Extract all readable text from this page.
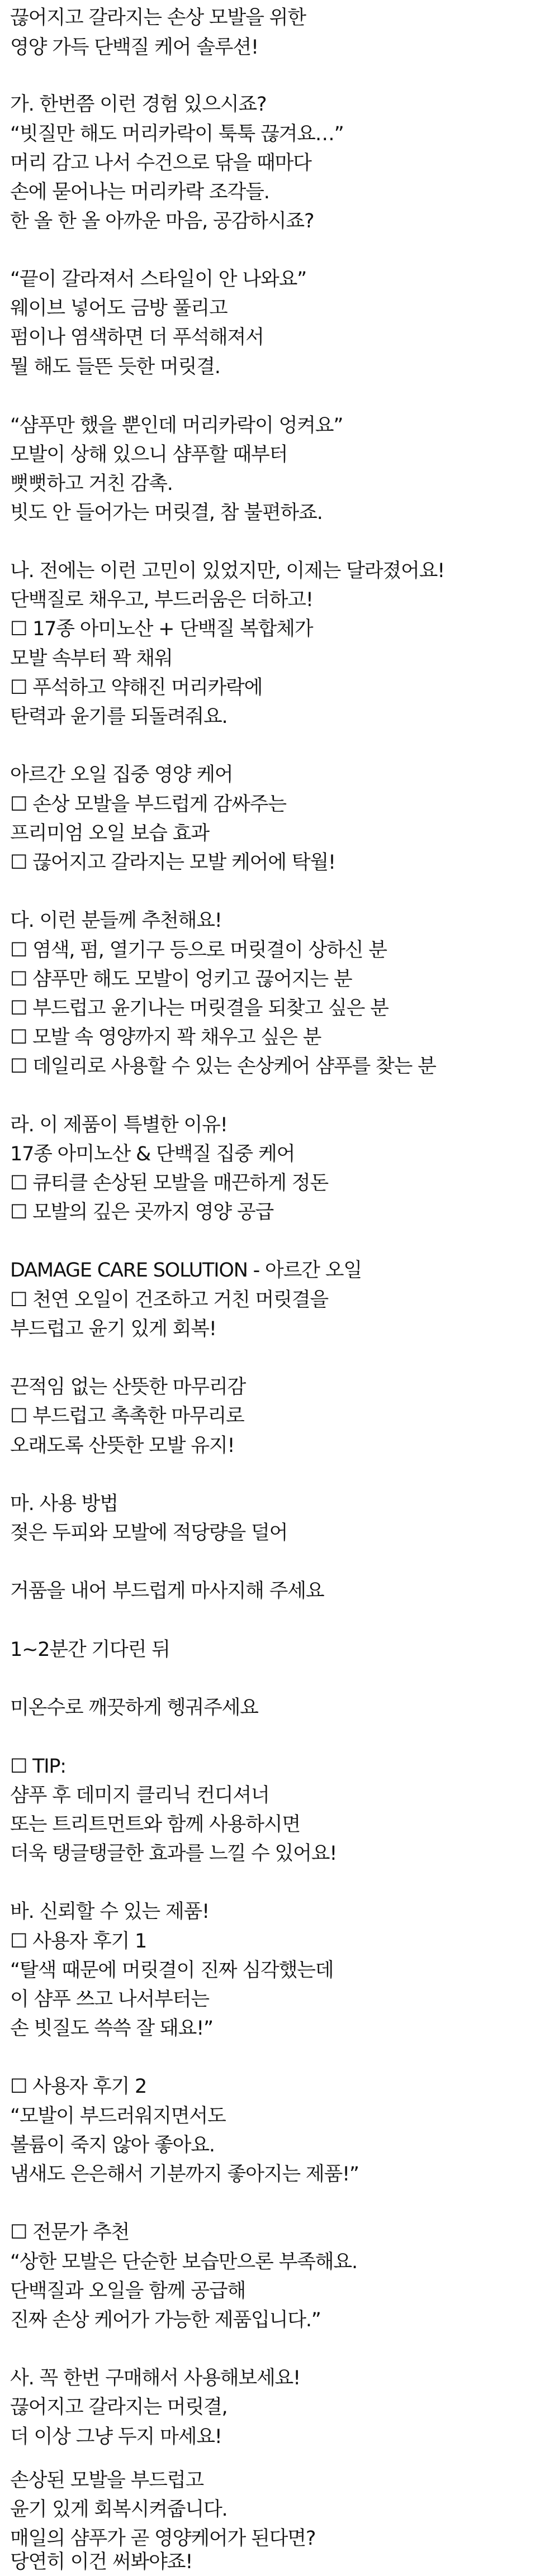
끊어지고 갈라지는 손상 모발을 위한
영양 가득 단백질 케어 솔루션!
가. 한번쯤 이런 경험 있으시죠?
“빗질만 해도 머리카락이 툭툭 끊겨요…”
머리 감고 나서 수건으로 닦을 때마다
손에 묻어나는 머리카락 조각들.
한 올 한 올 아까운 마음, 공감하시죠?
“끝이 갈라져서 스타일이 안 나와요”
웨이브 넣어도 금방 풀리고
펌이나 염색하면 더 푸석해져서
뭘 해도 들뜬 듯한 머릿결.
“샴푸만 했을 뿐인데 머리카락이 엉켜요”
모발이 상해 있으니 샴푸할 때부터
뻣뻣하고 거친 감촉.
빗도 안 들어가는 머릿결, 참 불편하죠.
나. 전에는 이런 고민이 있었지만, 이제는 달라졌어요!
단백질로 채우고, 부드러움은 더하고!
☐ 17종 아미노산 + 단백질 복합체가
모발 속부터 꽉 채워
☐ 푸석하고 약해진 머리카락에
탄력과 윤기를 되돌려줘요.
아르간 오일 집중 영양 케어
☐ 손상 모발을 부드럽게 감싸주는
프리미엄 오일 보습 효과
☐ 끊어지고 갈라지는 모발 케어에 탁월!
다. 이런 분들께 추천해요!
☐ 염색, 펌, 열기구 등으로 머릿결이 상하신 분
☐ 샴푸만 해도 모발이 엉키고 끊어지는 분
☐ 부드럽고 윤기나는 머릿결을 되찾고 싶은 분
☐ 모발 속 영양까지 꽉 채우고 싶은 분
☐ 데일리로 사용할 수 있는 손상케어 샴푸를 찾는 분
라. 이 제품이 특별한 이유!
17종 아미노산 & 단백질 집중 케어
☐ 큐티클 손상된 모발을 매끈하게 정돈
☐ 모발의 깊은 곳까지 영양 공급
DAMAGE CARE SOLUTION - 아르간 오일
☐ 천연 오일이 건조하고 거친 머릿결을
부드럽고 윤기 있게 회복!
끈적임 없는 산뜻한 마무리감
☐ 부드럽고 촉촉한 마무리로
오래도록 산뜻한 모발 유지!
마. 사용 방법
젖은 두피와 모발에 적당량을 덜어
거품을 내어 부드럽게 마사지해 주세요
1~2분간 기다린 뒤
미온수로 깨끗하게 헹궈주세요
☐ TIP:
샴푸 후 데미지 클리닉 컨디셔너
또는 트리트먼트와 함께 사용하시면
더욱 탱글탱글한 효과를 느낄 수 있어요!
바. 신뢰할 수 있는 제품!
☐ 사용자 후기 1
“탈색 때문에 머릿결이 진짜 심각했는데
이 샴푸 쓰고 나서부터는
손 빗질도 쓱쓱 잘 돼요!”
☐ 사용자 후기 2
“모발이 부드러워지면서도
볼륨이 죽지 않아 좋아요.
냄새도 은은해서 기분까지 좋아지는 제품!”
☐ 전문가 추천
“상한 모발은 단순한 보습만으론 부족해요.
단백질과 오일을 함께 공급해
진짜 손상 케어가 가능한 제품입니다.”
사. 꼭 한번 구매해서 사용해보세요!
끊어지고 갈라지는 머릿결,
더 이상 그냥 두지 마세요!
손상된 모발을 부드럽고
윤기 있게 회복시켜줍니다.
매일의 샴푸가 곧 영양케어가 된다면?
당연히 이건 써봐야죠!
